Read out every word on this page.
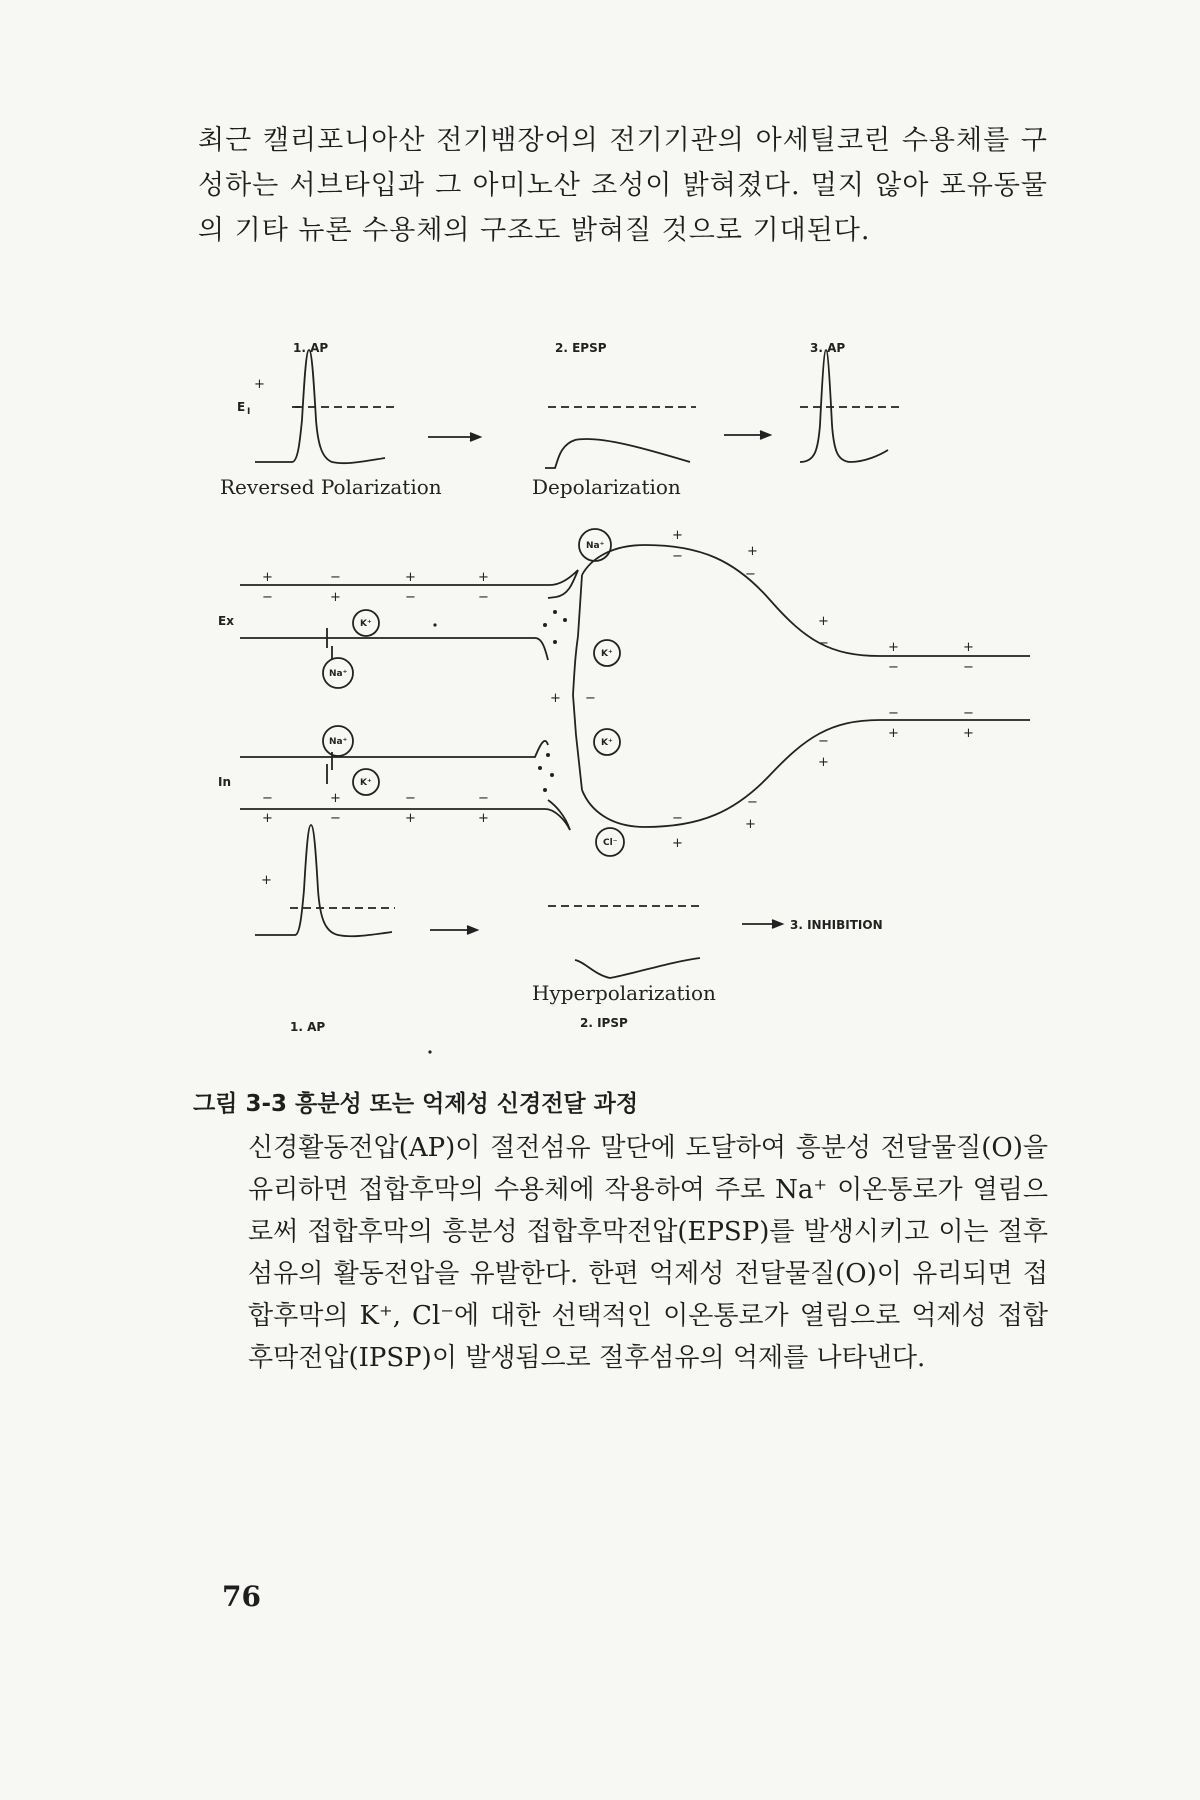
최근 캘리포니아산 전기뱀장어의 전기기관의 아세틸코린 수용체를 구성하는 서브타입과 그 아미노산 조성이 밝혀졌다. 멀지 않아 포유동물의 기타 뉴론 수용체의 구조도 밝혀질 것으로 기대된다.

1. AP	2. EPSP	3. AP
+
E I
Reversed Polarization	Depolarization
Ex
In
Na⁺
K⁺
Na⁺
K⁺
Na⁺
K⁺
K⁺
Cl⁻
+	−	+	+
−	+	−	−
+
+
−
−
+
−	+	+
−	−
+ −
−	−
+	+
−
+
−
+
−
+
−	+	−	−
+	−	+	+
+
3. INHIBITION
Hyperpolarization
1. AP	2. IPSP
그림 3-3 흥분성 또는 억제성 신경전달 과정

신경활동전압(AP)이 절전섬유 말단에 도달하여 흥분성 전달물질(O)을 유리하면 접합후막의 수용체에 작용하여 주로 Na⁺ 이온통로가 열림으로써 접합후막의 흥분성 접합후막전압(EPSP)를 발생시키고 이는 절후섬유의 활동전압을 유발한다. 한편 억제성 전달물질(O)이 유리되면 접합후막의 K⁺, Cl⁻에 대한 선택적인 이온통로가 열림으로 억제성 접합후막전압(IPSP)이 발생됨으로 절후섬유의 억제를 나타낸다.

76
